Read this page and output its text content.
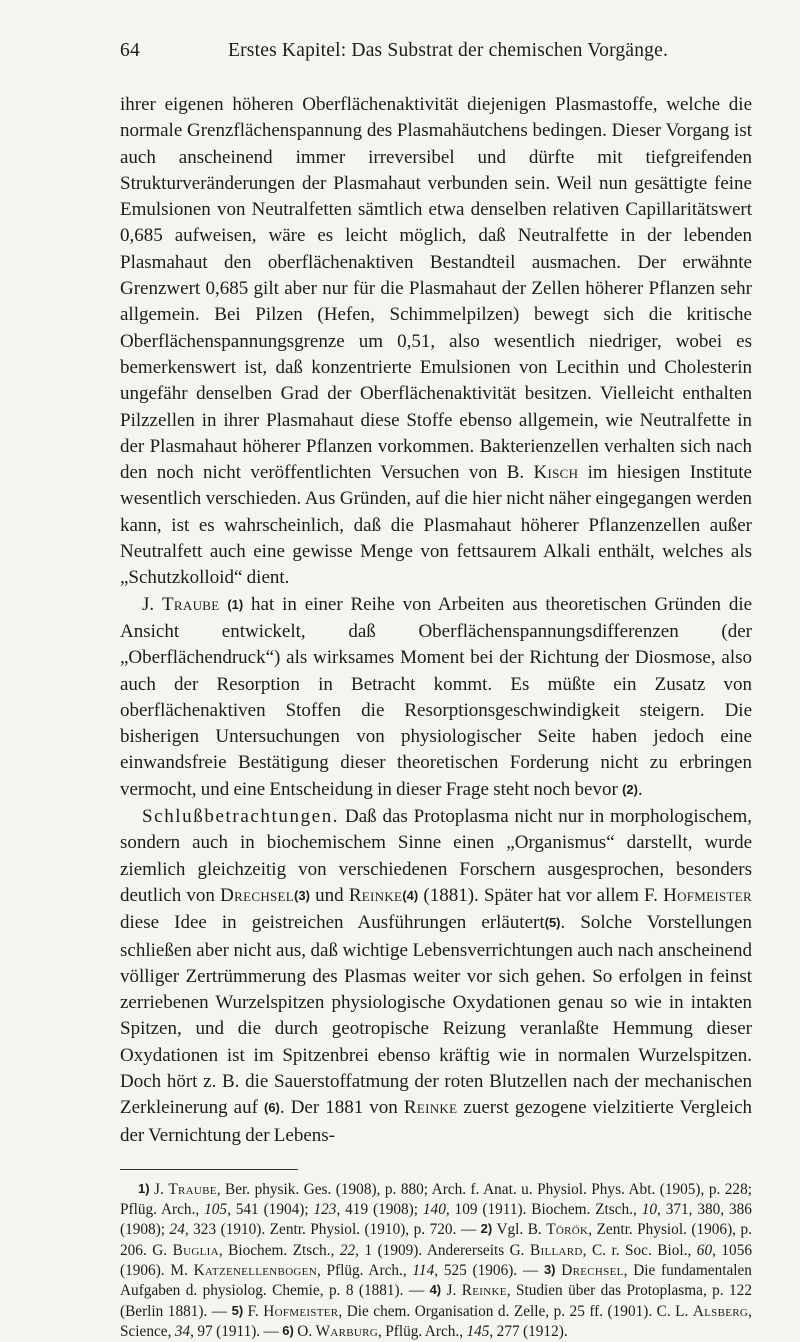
64	Erstes Kapitel: Das Substrat der chemischen Vorgänge.

ihrer eigenen höheren Oberflächenaktivität diejenigen Plasmastoffe, welche die normale Grenzflächenspannung des Plasmahäutchens bedingen. Dieser Vorgang ist auch anscheinend immer irreversibel und dürfte mit tiefgreifenden Strukturveränderungen der Plasmahaut verbunden sein. Weil nun gesättigte feine Emulsionen von Neutralfetten sämtlich etwa denselben relativen Capillaritätswert 0,685 aufweisen, wäre es leicht möglich, daß Neutralfette in der lebenden Plasmahaut den oberflächenaktiven Bestandteil ausmachen. Der erwähnte Grenzwert 0,685 gilt aber nur für die Plasmahaut der Zellen höherer Pflanzen sehr allgemein. Bei Pilzen (Hefen, Schimmelpilzen) bewegt sich die kritische Oberflächenspannungsgrenze um 0,51, also wesentlich niedriger, wobei es bemerkenswert ist, daß konzentrierte Emulsionen von Lecithin und Cholesterin ungefähr denselben Grad der Oberflächenaktivität besitzen. Vielleicht enthalten Pilzzellen in ihrer Plasmahaut diese Stoffe ebenso allgemein, wie Neutralfette in der Plasmahaut höherer Pflanzen vorkommen. Bakterienzellen verhalten sich nach den noch nicht veröffentlichten Versuchen von B. Kisch im hiesigen Institute wesentlich verschieden. Aus Gründen, auf die hier nicht näher eingegangen werden kann, ist es wahrscheinlich, daß die Plasmahaut höherer Pflanzenzellen außer Neutralfett auch eine gewisse Menge von fettsaurem Alkali enthält, welches als „Schutzkolloid“ dient.

J. Traube (1) hat in einer Reihe von Arbeiten aus theoretischen Gründen die Ansicht entwickelt, daß Oberflächenspannungsdifferenzen (der „Oberflächendruck“) als wirksames Moment bei der Richtung der Diosmose, also auch der Resorption in Betracht kommt. Es müßte ein Zusatz von oberflächenaktiven Stoffen die Resorptionsgeschwindigkeit steigern. Die bisherigen Untersuchungen von physiologischer Seite haben jedoch eine einwandsfreie Bestätigung dieser theoretischen Forderung nicht zu erbringen vermocht, und eine Entscheidung in dieser Frage steht noch bevor (2).

Schlußbetrachtungen. Daß das Protoplasma nicht nur in morphologischem, sondern auch in biochemischem Sinne einen „Organismus“ darstellt, wurde ziemlich gleichzeitig von verschiedenen Forschern ausgesprochen, besonders deutlich von Drechsel(3) und Reinke(4) (1881). Später hat vor allem F. Hofmeister diese Idee in geistreichen Ausführungen erläutert(5). Solche Vorstellungen schließen aber nicht aus, daß wichtige Lebensverrichtungen auch nach anscheinend völliger Zertrümmerung des Plasmas weiter vor sich gehen. So erfolgen in feinst zerriebenen Wurzelspitzen physiologische Oxydationen genau so wie in intakten Spitzen, und die durch geotropische Reizung veranlaßte Hemmung dieser Oxydationen ist im Spitzenbrei ebenso kräftig wie in normalen Wurzelspitzen. Doch hört z. B. die Sauerstoffatmung der roten Blutzellen nach der mechanischen Zerkleinerung auf (6). Der 1881 von Reinke zuerst gezogene vielzitierte Vergleich der Vernichtung der Lebens-

1) J. Traube, Ber. physik. Ges. (1908), p. 880; Arch. f. Anat. u. Physiol. Phys. Abt. (1905), p. 228; Pflüg. Arch., 105, 541 (1904); 123, 419 (1908); 140, 109 (1911). Biochem. Ztsch., 10, 371, 380, 386 (1908); 24, 323 (1910). Zentr. Physiol. (1910), p. 720. — 2) Vgl. B. Török, Zentr. Physiol. (1906), p. 206. G. Buglia, Biochem. Ztsch., 22, 1 (1909). Andererseits G. Billard, C. r. Soc. Biol., 60, 1056 (1906). M. Katzenellenbogen, Pflüg. Arch., 114, 525 (1906). — 3) Drechsel, Die fundamentalen Aufgaben d. physiolog. Chemie, p. 8 (1881). — 4) J. Reinke, Studien über das Protoplasma, p. 122 (Berlin 1881). — 5) F. Hofmeister, Die chem. Organisation d. Zelle, p. 25 ff. (1901). C. L. Alsberg, Science, 34, 97 (1911). — 6) O. Warburg, Pflüg. Arch., 145, 277 (1912).
